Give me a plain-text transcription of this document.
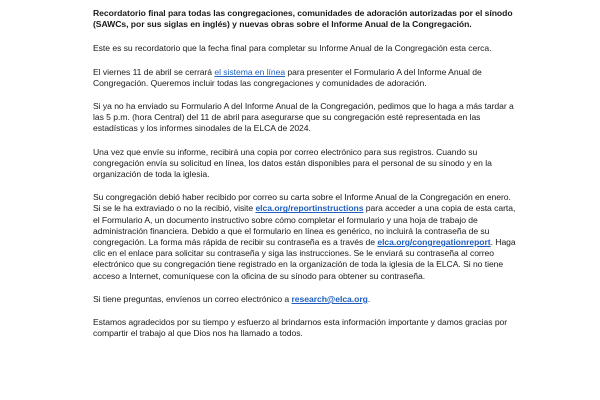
Recordatorio final para todas las congregaciones, comunidades de adoración autorizadas por el sínodo (SAWCs, por sus siglas en inglés) y nuevas obras sobre el Informe Anual de la Congregación.

Este es su recordatorio que la fecha final para completar su Informe Anual de la Congregación esta cerca.

El viernes 11 de abril se cerrará el sistema en línea para presenter el Formulario A del Informe Anual de Congregación. Queremos incluir todas las congregaciones y comunidades de adoración.

Si ya no ha enviado su Formulario A del Informe Anual de la Congregación, pedimos que lo haga a más tardar a las 5 p.m. (hora Central) del 11 de abril para asegurarse que su congregación esté representada en las estadísticas y los informes sinodales de la ELCA de 2024.

Una vez que envíe su informe, recibirá una copia por correo electrónico para sus registros. Cuando su congregación envía su solicitud en línea, los datos están disponibles para el personal de su sínodo y en la organización de toda la iglesia.

Su congregación debió haber recibido por correo su carta sobre el Informe Anual de la Congregación en enero. Si se le ha extraviado o no la recibió, visite elca.org/reportinstructions para acceder a una copia de esta carta, el Formulario A, un documento instructivo sobre cómo completar el formulario y una hoja de trabajo de administración financiera. Debido a que el formulario en línea es genérico, no incluirá la contraseña de su congregación. La forma más rápida de recibir su contraseña es a través de elca.org/congregationreport. Haga clic en el enlace para solicitar su contraseña y siga las instrucciones. Se le enviará su contraseña al correo electrónico que su congregación tiene registrado en la organización de toda la iglesia de la ELCA. Si no tiene acceso a Internet, comuníquese con la oficina de su sínodo para obtener su contraseña.

Si tiene preguntas, envíenos un correo electrónico a research@elca.org.

Estamos agradecidos por su tiempo y esfuerzo al brindarnos esta información importante y damos gracias por compartir el trabajo al que Dios nos ha llamado a todos.
